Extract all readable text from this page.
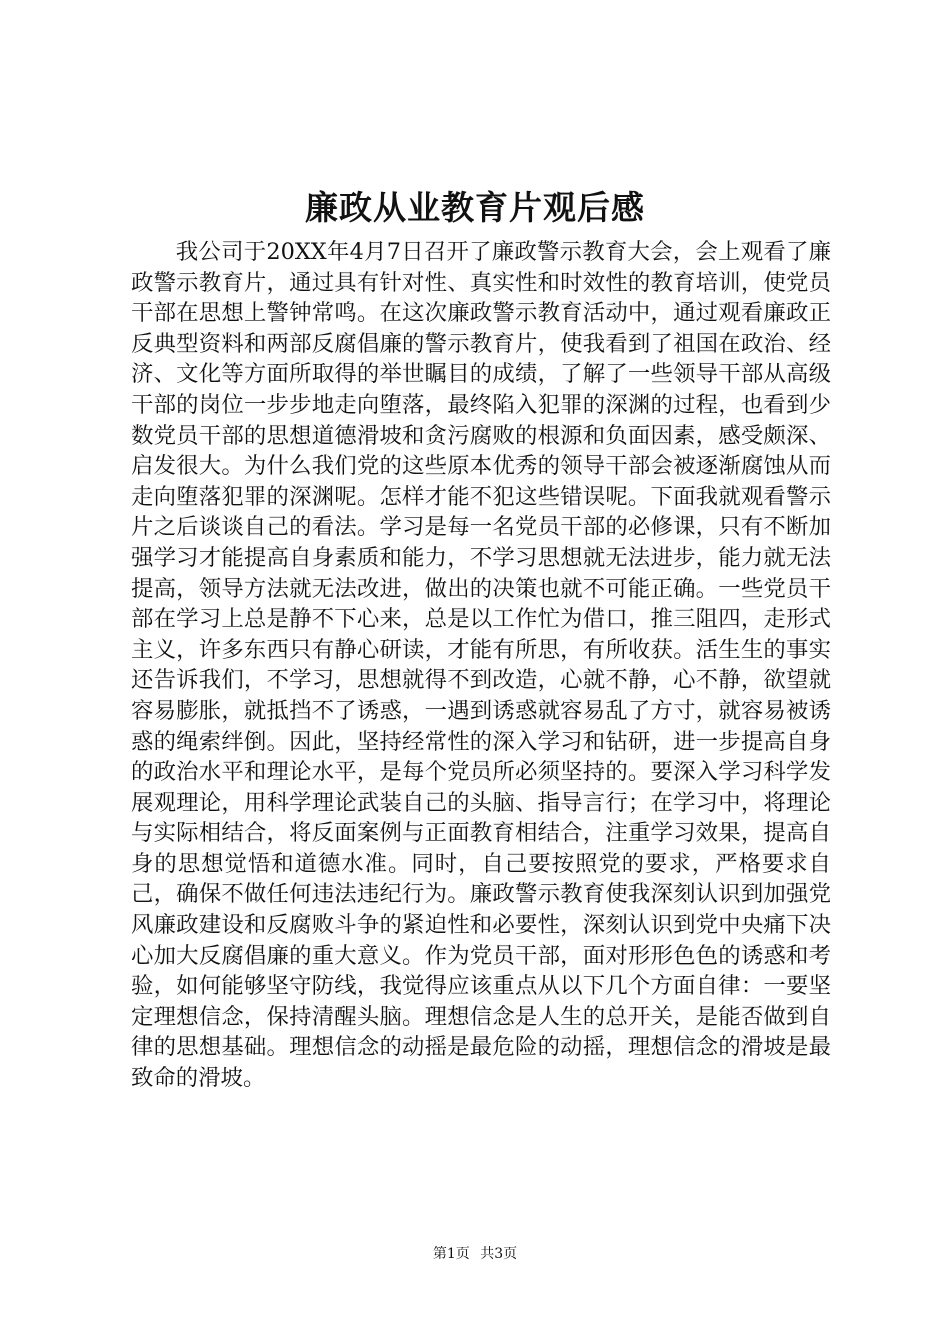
廉政从业教育片观后感

我公司于20XX年4月7日召开了廉政警示教育大会，会上观看了廉政警示教育片，通过具有针对性、真实性和时效性的教育培训，使党员干部在思想上警钟常鸣。在这次廉政警示教育活动中，通过观看廉政正反典型资料和两部反腐倡廉的警示教育片，使我看到了祖国在政治、经济、文化等方面所取得的举世瞩目的成绩，了解了一些领导干部从高级干部的岗位一步步地走向堕落，最终陷入犯罪的深渊的过程，也看到少数党员干部的思想道德滑坡和贪污腐败的根源和负面因素，感受颇深、启发很大。为什么我们党的这些原本优秀的领导干部会被逐渐腐蚀从而走向堕落犯罪的深渊呢。怎样才能不犯这些错误呢。下面我就观看警示片之后谈谈自己的看法。学习是每一名党员干部的必修课，只有不断加强学习才能提高自身素质和能力，不学习思想就无法进步，能力就无法提高，领导方法就无法改进，做出的决策也就不可能正确。一些党员干部在学习上总是静不下心来，总是以工作忙为借口，推三阻四，走形式主义，许多东西只有静心研读，才能有所思，有所收获。活生生的事实还告诉我们，不学习，思想就得不到改造，心就不静，心不静，欲望就容易膨胀，就抵挡不了诱惑，一遇到诱惑就容易乱了方寸，就容易被诱惑的绳索绊倒。因此，坚持经常性的深入学习和钻研，进一步提高自身的政治水平和理论水平，是每个党员所必须坚持的。要深入学习科学发展观理论，用科学理论武装自己的头脑、指导言行；在学习中，将理论与实际相结合，将反面案例与正面教育相结合，注重学习效果，提高自身的思想觉悟和道德水准。同时，自己要按照党的要求，严格要求自己，确保不做任何违法违纪行为。廉政警示教育使我深刻认识到加强党风廉政建设和反腐败斗争的紧迫性和必要性，深刻认识到党中央痛下决心加大反腐倡廉的重大意义。作为党员干部，面对形形色色的诱惑和考验，如何能够坚守防线，我觉得应该重点从以下几个方面自律：一要坚定理想信念，保持清醒头脑。理想信念是人生的总开关，是能否做到自律的思想基础。理想信念的动摇是最危险的动摇，理想信念的滑坡是最致命的滑坡。

第1页 共3页
